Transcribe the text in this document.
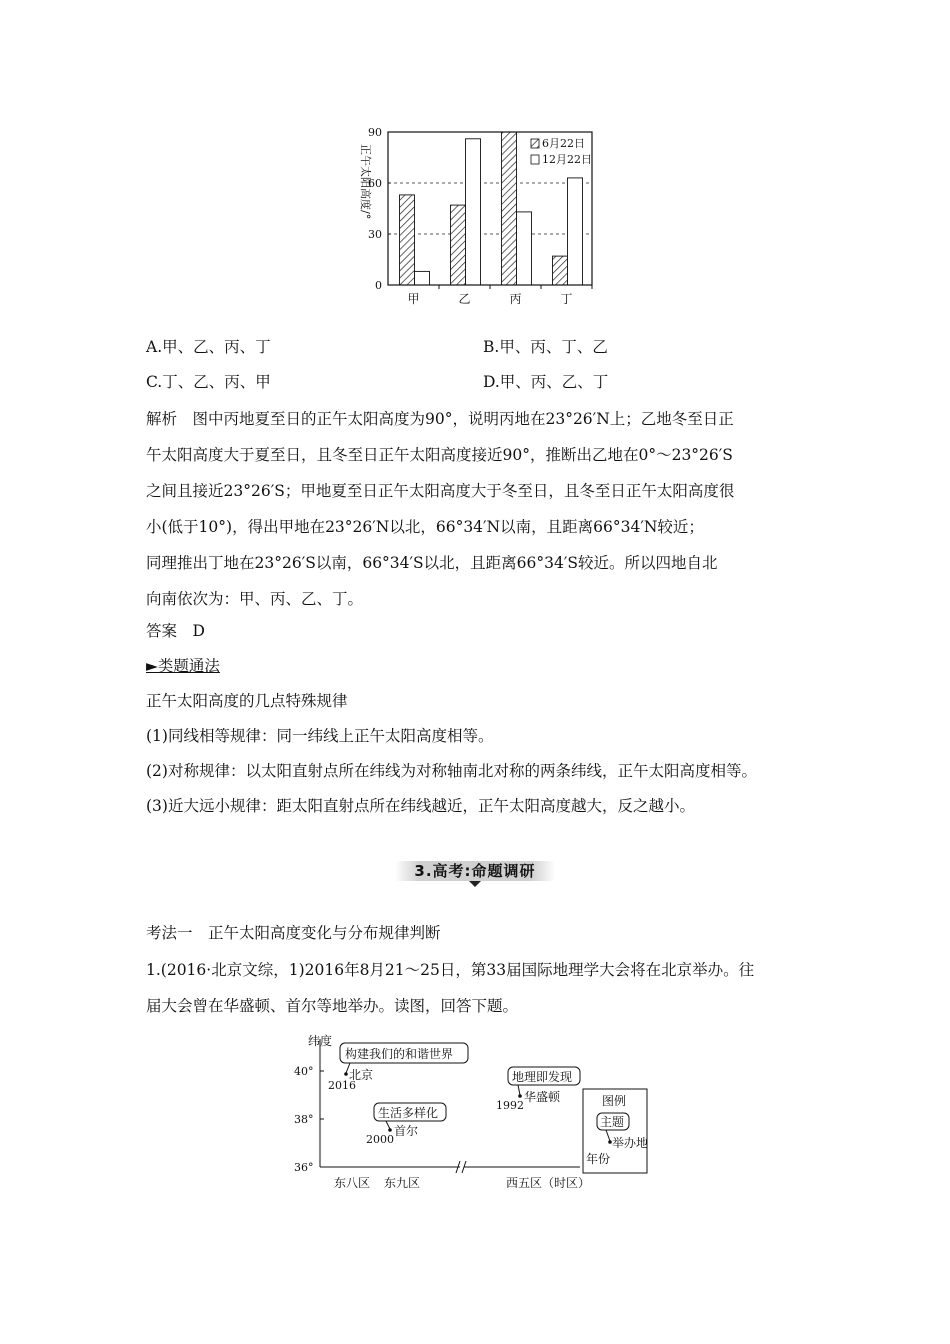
正午太阳高度/°
0
30
60
90
甲	乙	丙	丁
6月22日
12月22日
A.甲、乙、丙、丁	B.甲、丙、丁、乙
C.丁、乙、丙、甲	D.甲、丙、乙、丁
解析　图中丙地夏至日的正午太阳高度为90°，说明丙地在23°26′N上；乙地冬至日正
午太阳高度大于夏至日，且冬至日正午太阳高度接近90°，推断出乙地在0°～23°26′S
之间且接近23°26′S；甲地夏至日正午太阳高度大于冬至日，且冬至日正午太阳高度很
小(低于10°)，得出甲地在23°26′N以北，66°34′N以南，且距离66°34′N较近；
同理推出丁地在23°26′S以南，66°34′S以北，且距离66°34′S较近。所以四地自北
向南依次为：甲、丙、乙、丁。
答案　D
►类题通法
正午太阳高度的几点特殊规律
(1)同线相等规律：同一纬线上正午太阳高度相等。
(2)对称规律：以太阳直射点所在纬线为对称轴南北对称的两条纬线，正午太阳高度相等。
(3)近大远小规律：距太阳直射点所在纬线越近，正午太阳高度越大，反之越小。
3.高考:命题调研
考法一　正午太阳高度变化与分布规律判断
1.(2016·北京文综，1)2016年8月21～25日，第33届国际地理学大会将在北京举办。往
届大会曾在华盛顿、首尔等地举办。读图，回答下题。
纬度
40°
38°
36°
东八区 东九区	西五区（时区）
构建我们的和谐世界
北京
2016
生活多样化
首尔
2000
地理即发现
华盛顿
1992	图例
主题
举办地
年份
